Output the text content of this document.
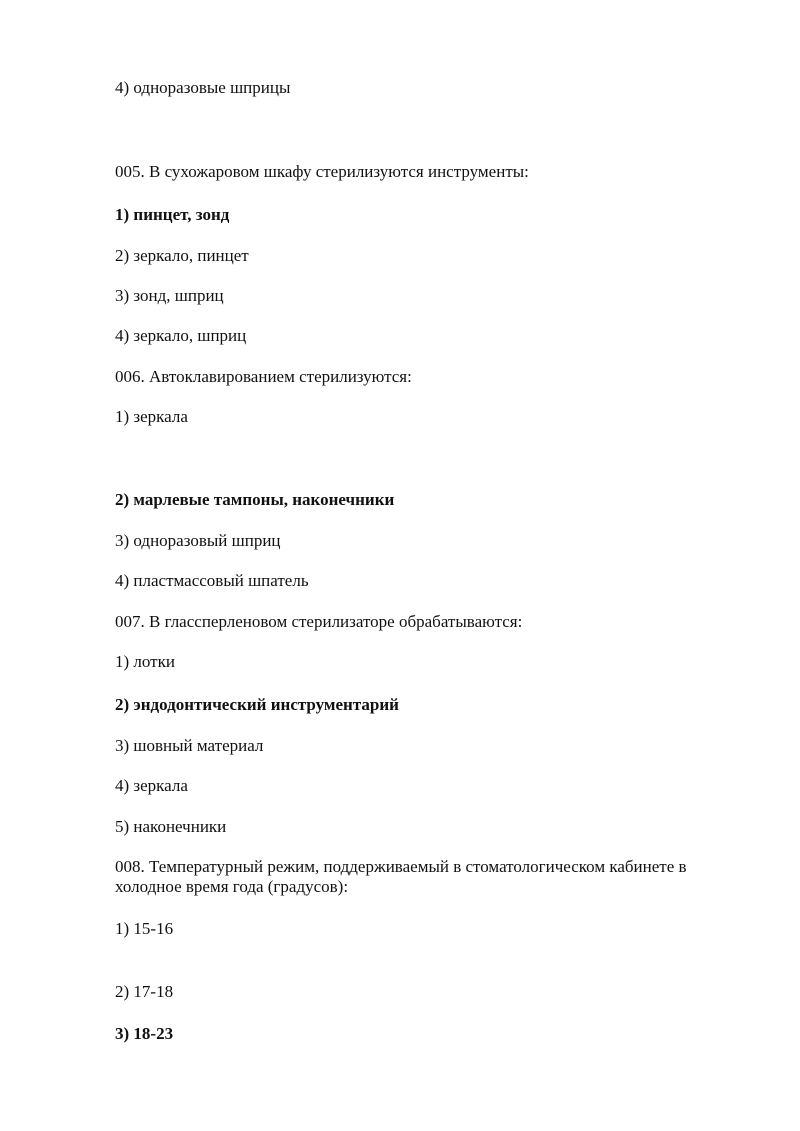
4) одноразовые шприцы
005. В сухожаровом шкафу стерилизуются инструменты:
1) пинцет, зонд
2) зеркало, пинцет
3) зонд, шприц
4) зеркало, шприц
006. Автоклавированием стерилизуются:
1) зеркала
2) марлевые тампоны, наконечники
3) одноразовый шприц
4) пластмассовый шпатель
007. В глассперленовом стерилизаторе обрабатываются:
1) лотки
2) эндодонтический инструментарий
3) шовный материал
4) зеркала
5) наконечники
008. Температурный режим, поддерживаемый в стоматологическом кабинете в холодное время года (градусов):
1) 15-16
2) 17-18
3) 18-23
